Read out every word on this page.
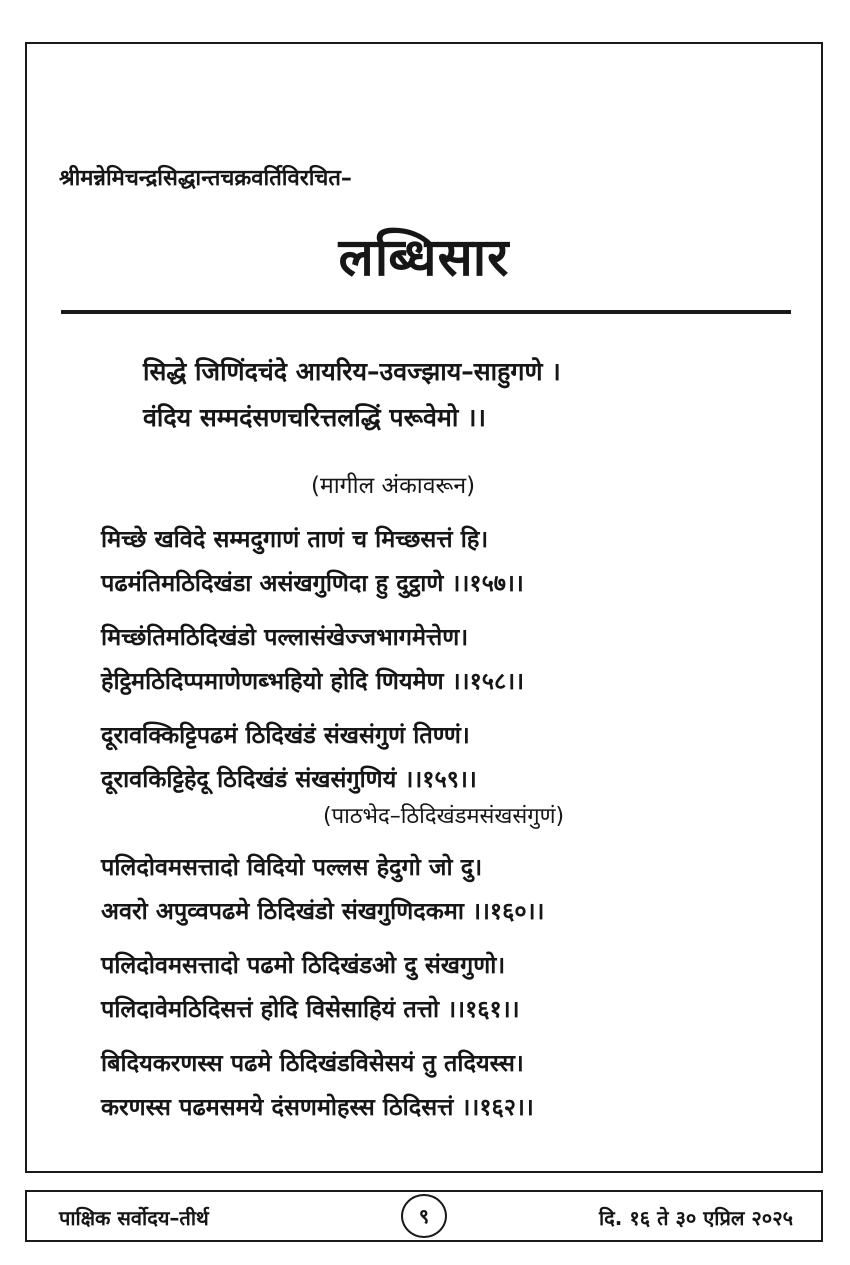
श्रीमन्नेमिचन्द्रसिद्धान्तचक्रवर्तिविरचित–
लब्धिसार
सिद्धे जिणिंदचंदे आयरिय–उवज्झाय–साहुगणे ।
वंदिय सम्मदंसणचरित्तलद्धिं परूवेमो ।।
(मागील अंकावरून)
मिच्छे खविदे सम्मदुगाणं ताणं च मिच्छसत्तं हि।
पढमंतिमठिदिखंडा असंखगुणिदा हु दुट्ठाणे ।।१५७।।
मिच्छंतिमठिदिखंडो पल्लासंखेज्जभागमेत्तेण।
हेट्ठिमठिदिप्पमाणेणब्भहियो होदि णियमेण ।।१५८।।
दूरावक्किट्टिपढमं ठिदिखंडं संखसंगुणं तिण्णं।
दूरावकिट्टिहेदू ठिदिखंडं संखसंगुणियं ।।१५९।।
(पाठभेद–ठिदिखंडमसंखसंगुणं)
पलिदोवमसत्तादो विदियो पल्लस हेदुगो जो दु।
अवरो अपुव्वपढमे ठिदिखंडो संखगुणिदकमा ।।१६०।।
पलिदोवमसत्तादो पढमो ठिदिखंडओ दु संखगुणो।
पलिदावेमठिदिसत्तं होदि विसेसाहियं तत्तो ।।१६१।।
बिदियकरणस्स पढमे ठिदिखंडविसेसयं तु तदियस्स।
करणस्स पढमसमये दंसणमोहस्स ठिदिसत्तं ।।१६२।।
पाक्षिक सर्वोदय–तीर्थ	९	दि. १६ ते ३० एप्रिल २०२५
